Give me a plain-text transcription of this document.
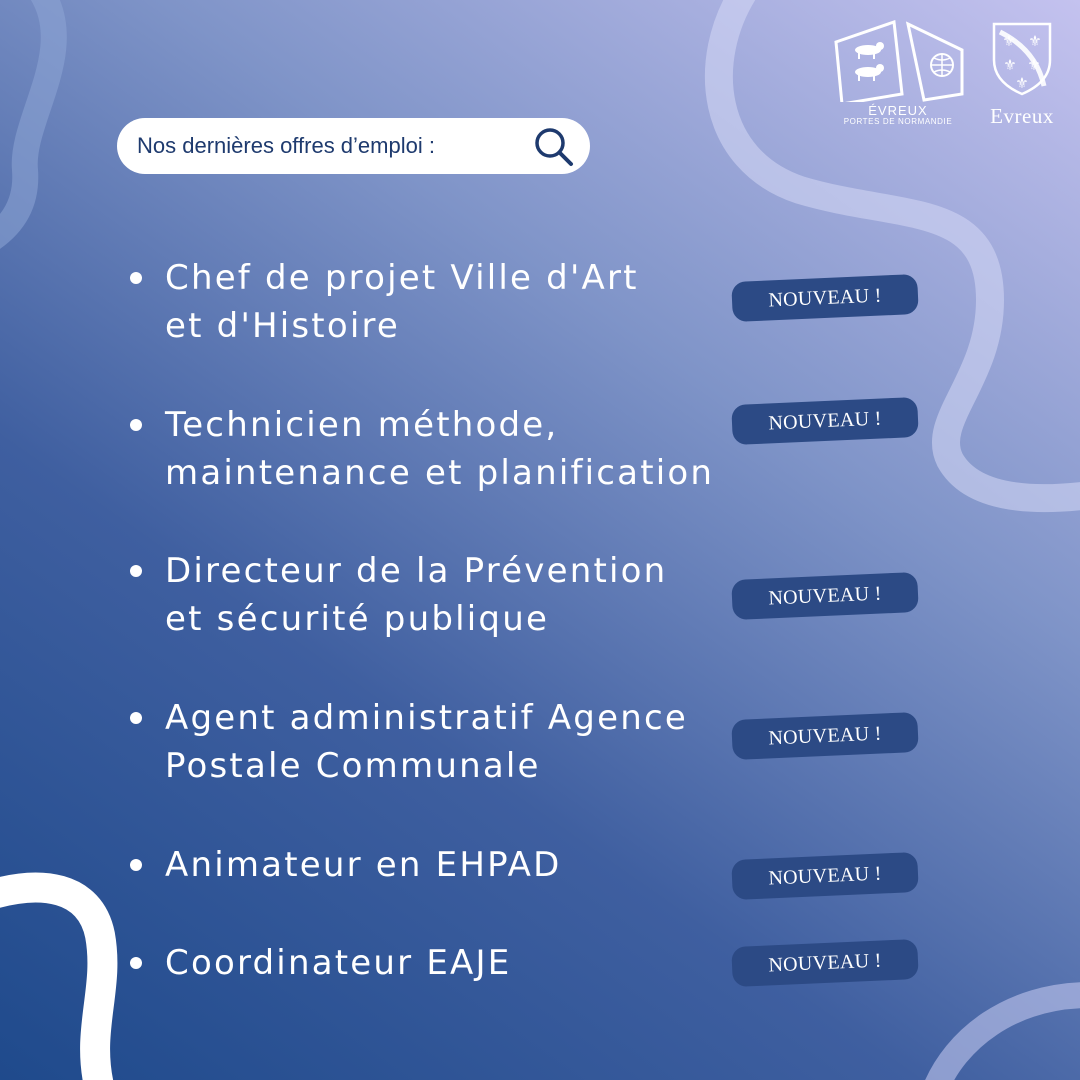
ÉVREUX
PORTES DE NORMANDIE
⚜ ⚜
⚜ ⚜
⚜
Evreux
Nos dernières offres d’emploi :
Chef de projet Ville d'Art
et d'Histoire
NOUVEAU !
Technicien méthode,
maintenance et planification
NOUVEAU !
Directeur de la Prévention
et sécurité publique
NOUVEAU !
Agent administratif Agence
Postale Communale
NOUVEAU !
Animateur en EHPAD	NOUVEAU !
Coordinateur EAJE	NOUVEAU !
